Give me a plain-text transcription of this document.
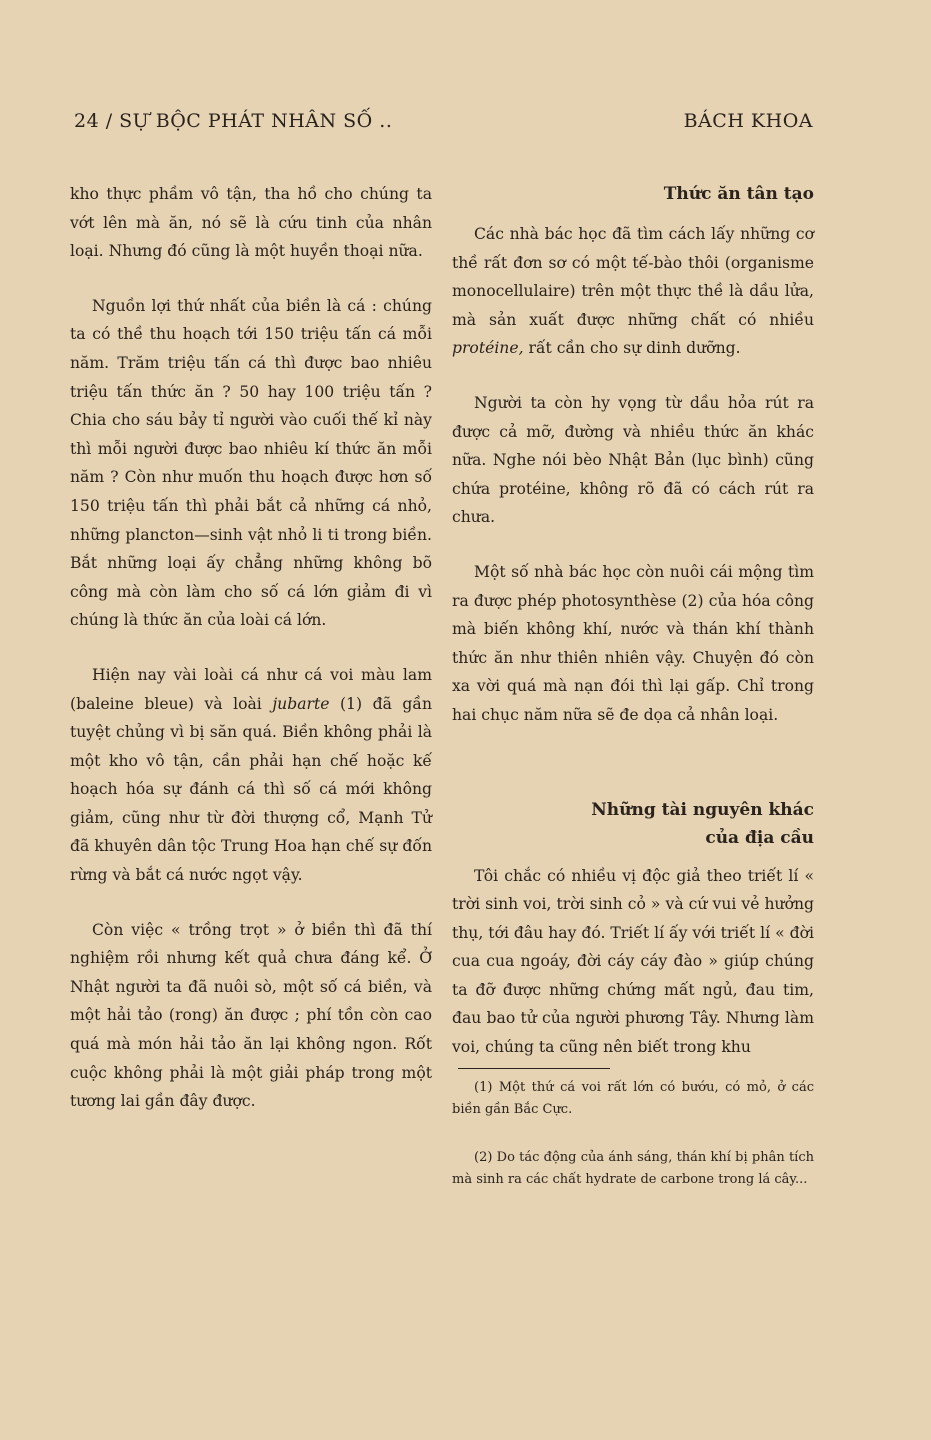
24 / SỰ BỘC PHÁT NHÂN SỐ ..	BÁCH KHOA

kho thực phầm vô tận, tha hồ cho chúng ta vớt lên mà ăn, nó sẽ là cứu tinh của nhân loại. Nhưng đó cũng là một huyền thoại nữa.

Nguồn lợi thứ nhất của biền là cá : chúng ta có thề thu hoạch tới 150 triệu tấn cá mỗi năm. Trăm triệu tấn cá thì được bao nhiêu triệu tấn thức ăn ? 50 hay 100 triệu tấn ? Chia cho sáu bảy tỉ người vào cuối thế kỉ này thì mỗi người được bao nhiêu kí thức ăn mỗi năm ? Còn như muốn thu hoạch được hơn số 150 triệu tấn thì phải bắt cả những cá nhỏ, những plancton—sinh vật nhỏ li ti trong biền. Bắt những loại ấy chẳng những không bõ công mà còn làm cho số cá lớn giảm đi vì chúng là thức ăn của loài cá lớn.

Hiện nay vài loài cá như cá voi màu lam (baleine bleue) và loài jubarte (1) đã gần tuyệt chủng vì bị săn quá. Biền không phải là một kho vô tận, cần phải hạn chế hoặc kế hoạch hóa sự đánh cá thì số cá mới không giảm, cũng như từ đời thượng cổ, Mạnh Tử đã khuyên dân tộc Trung Hoa hạn chế sự đốn rừng và bắt cá nước ngọt vậy.

Còn việc « trồng trọt » ở biền thì đã thí nghiệm rồi nhưng kết quả chưa đáng kể. Ở Nhật người ta đã nuôi sò, một số cá biền, và một hải tảo (rong) ăn được ; phí tồn còn cao quá mà món hải tảo ăn lại không ngon. Rốt cuộc không phải là một giải pháp trong một tương lai gần đây được.

Thức ăn tân tạo

Các nhà bác học đã tìm cách lấy những cơ thề rất đơn sơ có một tế-bào thôi (organisme monocellulaire) trên một thực thề là dầu lửa, mà sản xuất được những chất có nhiều protéine, rất cần cho sự dinh dưỡng.

Người ta còn hy vọng từ dầu hỏa rút ra được cả mỡ, đường và nhiều thức ăn khác nữa. Nghe nói bèo Nhật Bản (lục bình) cũng chứa protéine, không rõ đã có cách rút ra chưa.

Một số nhà bác học còn nuôi cái mộng tìm ra được phép photosynthèse (2) của hóa công mà biến không khí, nước và thán khí thành thức ăn như thiên nhiên vậy. Chuyện đó còn xa vời quá mà nạn đói thì lại gấp. Chỉ trong hai chục năm nữa sẽ đe dọa cả nhân loại.

Những tài nguyên khác
của địa cầu

Tôi chắc có nhiều vị độc giả theo triết lí « trời sinh voi, trời sinh cỏ » và cứ vui vẻ hưởng thụ, tới đâu hay đó. Triết lí ấy với triết lí « đời cua cua ngoáy, đời cáy cáy đào » giúp chúng ta đỡ được những chứng mất ngủ, đau tim, đau bao tử của người phương Tây. Nhưng làm voi, chúng ta cũng nên biết trong khu

(1) Một thứ cá voi rất lớn có bướu, có mỏ, ở các biền gần Bắc Cực.

(2) Do tác động của ánh sáng, thán khí bị phân tích mà sinh ra các chất hydrate de carbone trong lá cây...
